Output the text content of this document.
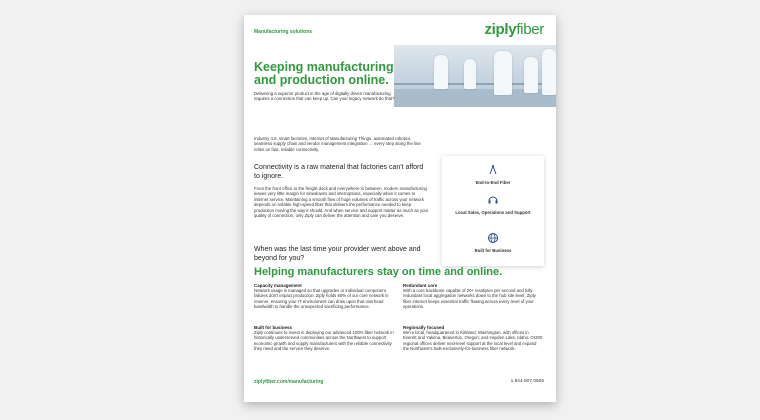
Manufacturing solutions	ziplyfiber
Keeping manufacturing and production online.

Delivering a superior product in the age of digitally driven manufacturing requires a connection that can keep up. Can your legacy network do that?

Industry 4.0, smart factories, Internet of Manufacturing Things, automated robotics, seamless supply chain and vendor management integration … every step along the line relies on fast, reliable connectivity.

Connectivity is a raw material that factories can't afford to ignore.

From the front office to the freight dock and everywhere in between, modern manufacturing leaves very little margin for slowdowns and interruptions, especially when it comes to internet service. Maintaining a smooth flow of huge volumes of traffic across your network depends on reliable high-speed fiber that delivers the performance needed to keep production moving the way it should. And when service and support matter as much as your quality of connection, only Ziply can deliver the attention and care you deserve.

When was the last time your provider went above and beyond for you?
End-to-End Fiber
Local Sales, Operations and Support
Built for Business
Helping manufacturers stay on time and online.
Capacity management
Network usage is managed so that upgrades or individual component failures don't impact production. Ziply holds 60% of our core network in reserve, ensuring your IT environment can draw upon that overhead bandwidth to handle the unexpected sacrificing performance.
Redundant core
With a core backbone capable of 20+ terabytes per second and fully redundant local aggregation networks down to the hub site level, Ziply fiber internet keeps essential traffic flowing across every level of your operations.
Built for business
Ziply continues to invest in deploying our advanced 100% fiber network in historically underserved communities across the Northwest to support economic growth and supply manufacturers with the reliable connectivity they need and the service they deserve.
Regionally focused
We're local, headquartered in Kirkland, Washington, with offices in Everett and Yakima, Beaverton, Oregon; and Hayden Lake, Idaho. Or200 regional offices deliver next-level support at the local level and expand the Northwest's built-exclusively-for-business fiber network.
ziplyfiber.com/manufacturing	1.844.507.0605
